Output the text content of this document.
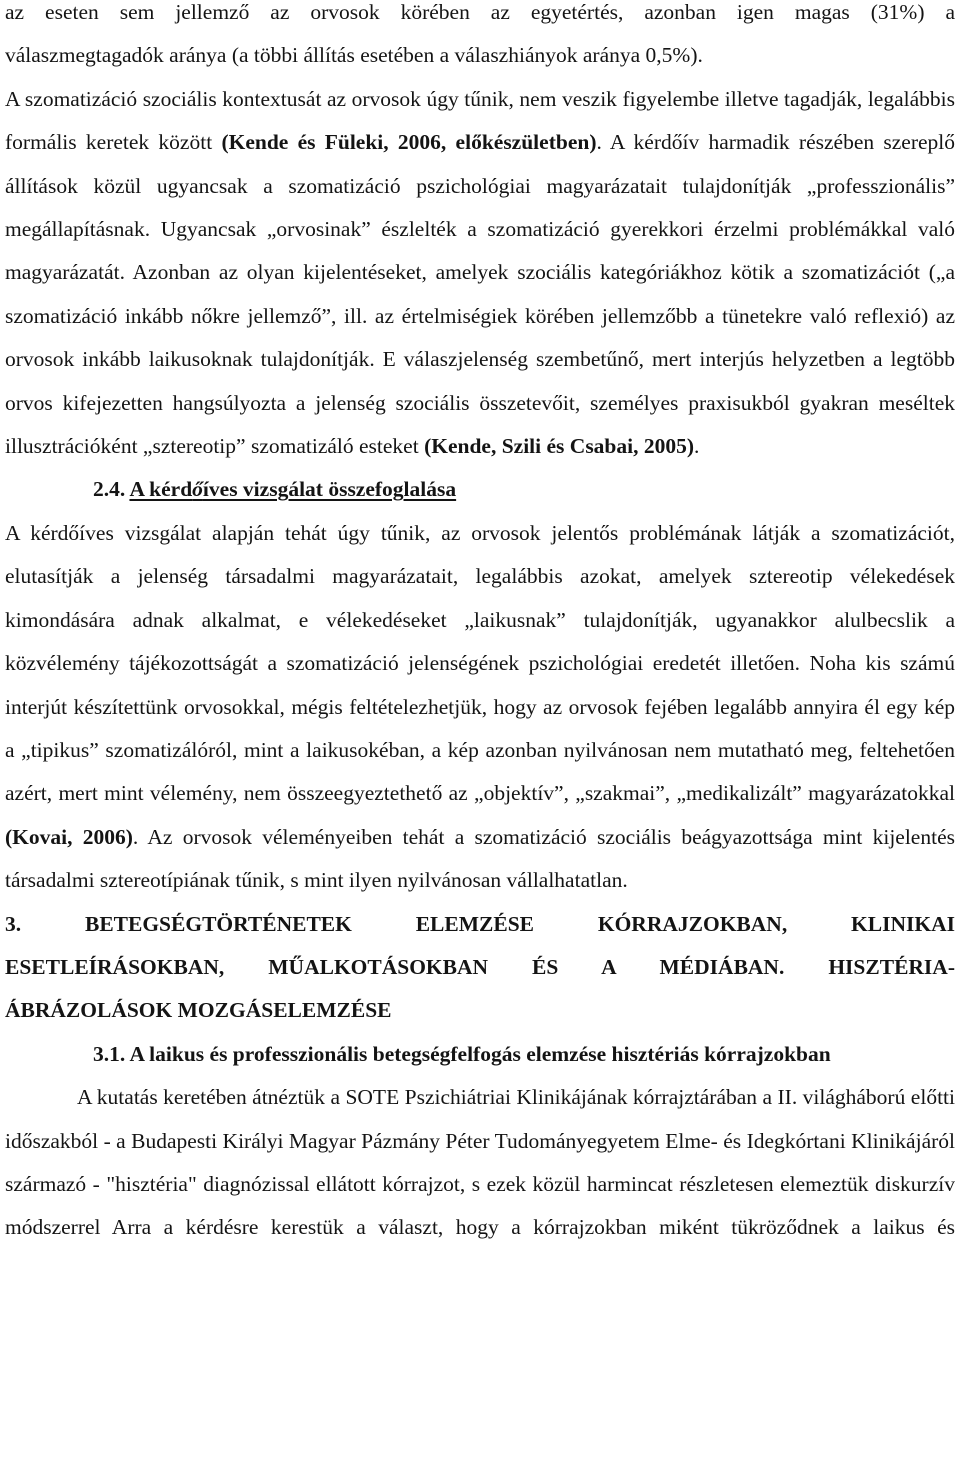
az eseten sem jellemző az orvosok körében az egyetértés, azonban igen magas (31%) a
válaszmegtagadók aránya (a többi állítás esetében a válaszhiányok aránya 0,5%).

A szomatizáció szociális kontextusát az orvosok úgy tűnik, nem veszik figyelembe illetve tagadják, legalábbis formális keretek között (Kende és Füleki, 2006, előkészületben). A kérdőív harmadik részében szereplő állítások közül ugyancsak a szomatizáció pszichológiai magyarázatait tulajdonítják „professzionális” megállapításnak. Ugyancsak „orvosinak” észlelték a szomatizáció gyerekkori érzelmi problémákkal való magyarázatát. Azonban az olyan kijelentéseket, amelyek szociális kategóriákhoz kötik a szomatizációt („a szomatizáció inkább nőkre jellemző”, ill. az értelmiségiek körében jellemzőbb a tünetekre való reflexió) az orvosok inkább laikusoknak tulajdonítják. E válaszjelenség szembetűnő, mert interjús helyzetben a legtöbb orvos kifejezetten hangsúlyozta a jelenség szociális összetevőit, személyes praxisukból gyakran meséltek illusztrációként „sztereotip” szomatizáló esteket (Kende, Szili és Csabai, 2005).

2.4. A kérdőíves vizsgálat összefoglalása

A kérdőíves vizsgálat alapján tehát úgy tűnik, az orvosok jelentős problémának látják a szomatizációt, elutasítják a jelenség társadalmi magyarázatait, legalábbis azokat, amelyek sztereotip vélekedések kimondására adnak alkalmat, e vélekedéseket „laikusnak” tulajdonítják, ugyanakkor alulbecslik a közvélemény tájékozottságát a szomatizáció jelenségének pszichológiai eredetét illetően. Noha kis számú interjút készítettünk orvosokkal, mégis feltételezhetjük, hogy az orvosok fejében legalább annyira él egy kép a „tipikus” szomatizálóról, mint a laikusokéban, a kép azonban nyilvánosan nem mutatható meg, feltehetően azért, mert mint vélemény, nem összeegyeztethető az „objektív”, „szakmai”, „medikalizált” magyarázatokkal (Kovai, 2006). Az orvosok véleményeiben tehát a szomatizáció szociális beágyazottsága mint kijelentés társadalmi sztereotípiának tűnik, s mint ilyen nyilvánosan vállalhatatlan.

3. BETEGSÉGTÖRTÉNETEK ELEMZÉSE KÓRRAJZOKBAN, KLINIKAI
ESETLEÍRÁSOKBAN, MŰALKOTÁSOKBAN ÉS A MÉDIÁBAN. HISZTÉRIA-
ÁBRÁZOLÁSOK MOZGÁSELEMZÉSE
3.1. A laikus és professzionális betegségfelfogás elemzése hisztériás kórrajzokban

A kutatás keretében átnéztük a SOTE Pszichiátriai Klinikájának kórrajztárában a II. világháború előtti időszakból - a Budapesti Királyi Magyar Pázmány Péter Tudományegyetem Elme- és Idegkórtani Klinikájáról származó - "hisztéria" diagnózissal ellátott kórrajzot, s ezek közül harmincat részletesen elemeztük diskurzív módszerrel Arra a kérdésre kerestük a választ, hogy a kórrajzokban miként tükröződnek a laikus és
